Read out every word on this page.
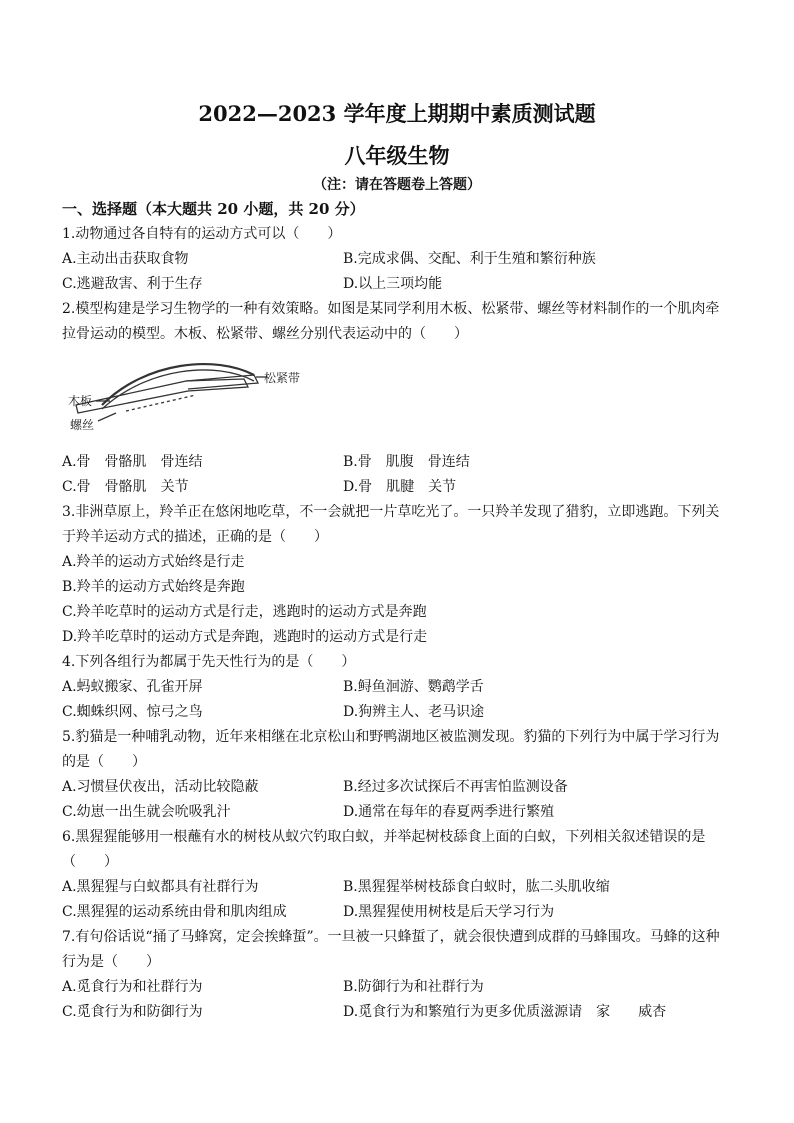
2022—2023 学年度上期期中素质测试题
八年级生物
（注：请在答题卷上答题）
一、选择题（本大题共 20 小题，共 20 分）
1.动物通过各自特有的运动方式可以（　　）
A.主动出击获取食物	B.完成求偶、交配、利于生殖和繁衍种族
C.逃避敌害、利于生存	D.以上三项均能
2.模型构建是学习生物学的一种有效策略。如图是某同学利用木板、松紧带、螺丝等材料制作的一个肌肉牵
拉骨运动的模型。木板、松紧带、螺丝分别代表运动中的（　　）
松紧带
木板
螺丝
A.骨　骨骼肌　骨连结	B.骨　肌腹　骨连结
C.骨　骨骼肌　关节	D.骨　肌腱　关节
3.非洲草原上，羚羊正在悠闲地吃草，不一会就把一片草吃光了。一只羚羊发现了猎豹，立即逃跑。下列关
于羚羊运动方式的描述，正确的是（　　）
A.羚羊的运动方式始终是行走
B.羚羊的运动方式始终是奔跑
C.羚羊吃草时的运动方式是行走，逃跑时的运动方式是奔跑
D.羚羊吃草时的运动方式是奔跑，逃跑时的运动方式是行走
4.下列各组行为都属于先天性行为的是（　　）
A.蚂蚁搬家、孔雀开屏	B.鲟鱼洄游、鹦鹉学舌
C.蜘蛛织网、惊弓之鸟	D.狗辨主人、老马识途
5.豹猫是一种哺乳动物，近年来相继在北京松山和野鸭湖地区被监测发现。豹猫的下列行为中属于学习行为
的是（　　）
A.习惯昼伏夜出，活动比较隐蔽	B.经过多次试探后不再害怕监测设备
C.幼崽一出生就会吮吸乳汁	D.通常在每年的春夏两季进行繁殖
6.黑猩猩能够用一根蘸有水的树枝从蚁穴钓取白蚁，并举起树枝舔食上面的白蚁，下列相关叙述错误的是
（　　）
A.黑猩猩与白蚁都具有社群行为	B.黑猩猩举树枝舔食白蚁时，肱二头肌收缩
C.黑猩猩的运动系统由骨和肌肉组成	D.黑猩猩使用树枝是后天学习行为
7.有句俗话说“捅了马蜂窝，定会挨蜂蜇”。一旦被一只蜂蜇了，就会很快遭到成群的马蜂围攻。马蜂的这种
行为是（　　）
A.觅食行为和社群行为	B.防御行为和社群行为
C.觅食行为和防御行为	D.觅食行为和繁殖行为更多优质滋源请　家　　威杏
